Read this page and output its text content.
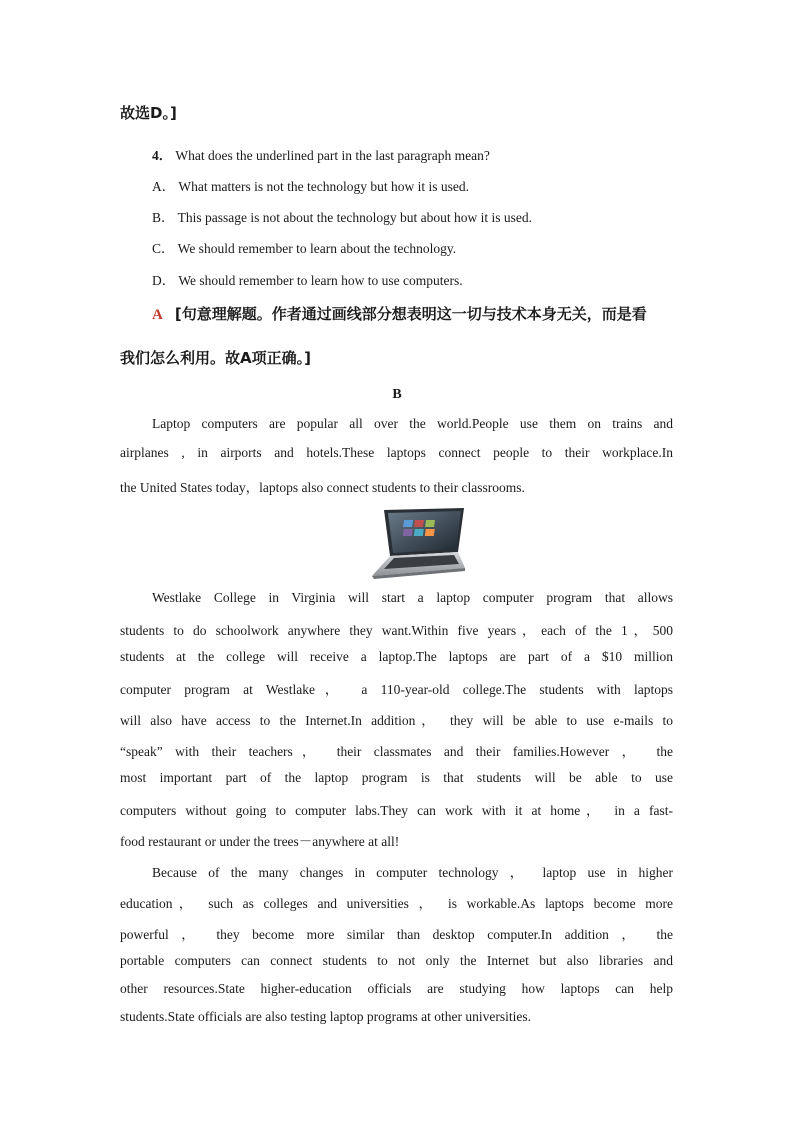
故选D。]
4． What does the underlined part in the last paragraph mean?
A． What matters is not the technology but how it is used.
B． This passage is not about the technology but about how it is used.
C． We should remember to learn about the technology.
D． We should remember to learn how to use computers.
A [句意理解题。作者通过画线部分想表明这一切与技术本身无关，而是看
我们怎么利用。故A项正确。]
B
Laptop computers are popular all over the world.People use them on trains and
airplanes , in airports and hotels.These laptops connect people to their workplace.In
the United States today，laptops also connect students to their classrooms.
Westlake College in Virginia will start a laptop computer program that allows
students to do schoolwork anywhere they want.Within five years，each of the 1，500
students at the college will receive a laptop.The laptops are part of a $10 million
computer program at Westlake， a 110-year-old college.The students with laptops
will also have access to the Internet.In addition， they will be able to use e-mails to
“speak” with their teachers， their classmates and their families.However ， the
most important part of the laptop program is that students will be able to use
computers without going to computer labs.They can work with it at home， in a fast-
food restaurant or under the trees－anywhere at all!
Because of the many changes in computer technology ， laptop use in higher
education， such as colleges and universities ， is workable.As laptops become more
powerful ， they become more similar than desktop computer.In addition ， the
portable computers can connect students to not only the Internet but also libraries and
other resources.State higher-education officials are studying how laptops can help
students.State officials are also testing laptop programs at other universities.
